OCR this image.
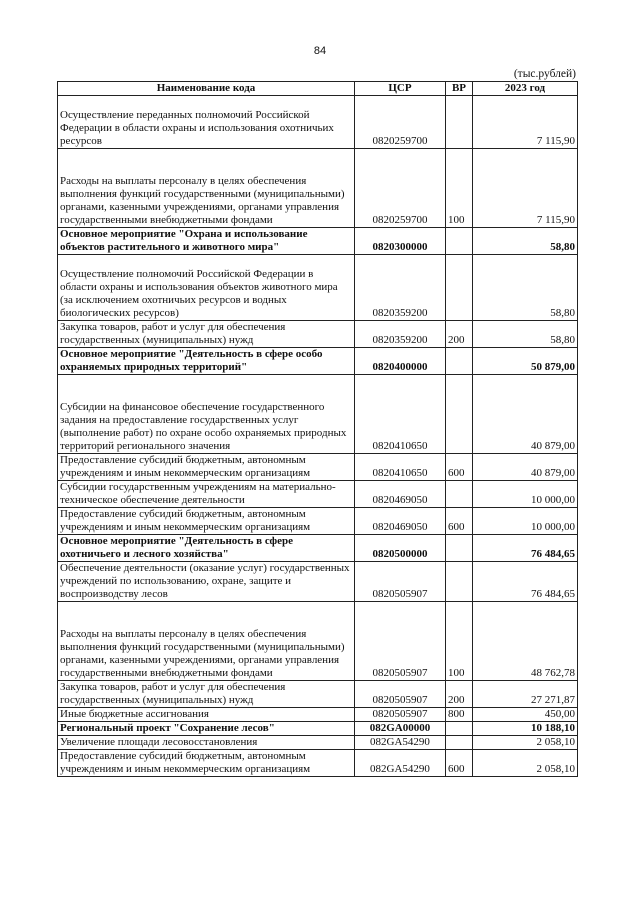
84
(тыс.рублей)
Наименование кода	ЦСР	ВР	2023 год
Осуществление переданных полномочий Российской Федерации в области охраны и использования охотничьих ресурсов	0820259700		7 115,90
Расходы на выплаты персоналу в целях обеспечения выполнения функций государственными (муниципальными) органами, казенными учреждениями, органами управления государственными внебюджетными фондами	0820259700	100	7 115,90
Основное мероприятие "Охрана и использование объектов растительного и животного мира"	0820300000		58,80
Осуществление полномочий Российской Федерации в области охраны и использования объектов животного мира (за исключением охотничьих ресурсов и водных биологических ресурсов)	0820359200		58,80
Закупка товаров, работ и услуг для обеспечения государственных (муниципальных) нужд	0820359200	200	58,80
Основное мероприятие "Деятельность в сфере особо охраняемых природных территорий"	0820400000		50 879,00
Субсидии на финансовое обеспечение государственного задания на предоставление государственных услуг (выполнение работ) по охране особо охраняемых природных территорий регионального значения	0820410650		40 879,00
Предоставление субсидий бюджетным, автономным учреждениям и иным некоммерческим организациям	0820410650	600	40 879,00
Субсидии государственным учреждениям на материально-техническое обеспечение деятельности	0820469050		10 000,00
Предоставление субсидий бюджетным, автономным учреждениям и иным некоммерческим организациям	0820469050	600	10 000,00
Основное мероприятие "Деятельность в сфере охотничьего и лесного хозяйства"	0820500000		76 484,65
Обеспечение деятельности (оказание услуг) государственных учреждений по использованию, охране, защите и воспроизводству лесов	0820505907		76 484,65
Расходы на выплаты персоналу в целях обеспечения выполнения функций государственными (муниципальными) органами, казенными учреждениями, органами управления государственными внебюджетными фондами	0820505907	100	48 762,78
Закупка товаров, работ и услуг для обеспечения государственных (муниципальных) нужд	0820505907	200	27 271,87
Иные бюджетные ассигнования	0820505907	800	450,00
Региональный проект "Сохранение лесов"	082GA00000		10 188,10
Увеличение площади лесовосстановления	082GA54290		2 058,10
Предоставление субсидий бюджетным, автономным учреждениям и иным некоммерческим организациям	082GA54290	600	2 058,10
